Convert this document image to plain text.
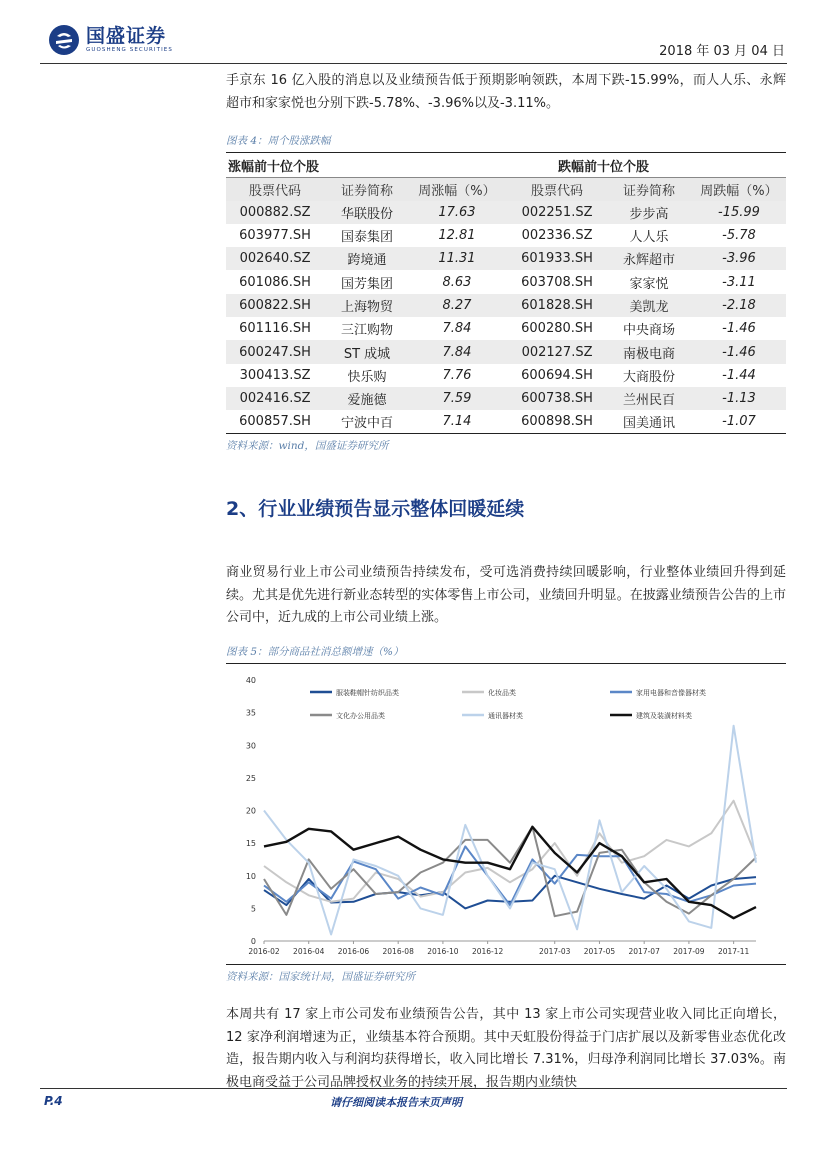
国盛证券
GUOSHENG SECURITIES	2018 年 03 月 04 日
手京东 16 亿入股的消息以及业绩预告低于预期影响领跌，本周下跌-15.99%，而人人乐、永辉超市和家家悦也分别下跌-5.78%、-3.96%以及-3.11%。
图表 4：周个股涨跌幅
涨幅前十位个股				跌幅前十位个股		
股票代码	证券简称	周涨幅（%）		股票代码	证券简称	周跌幅（%）
000882.SZ	华联股份	17.63		002251.SZ	步步高	-15.99
603977.SH	国泰集团	12.81		002336.SZ	人人乐	-5.78
002640.SZ	跨境通	11.31		601933.SH	永辉超市	-3.96
601086.SH	国芳集团	8.63		603708.SH	家家悦	-3.11
600822.SH	上海物贸	8.27		601828.SH	美凯龙	-2.18
601116.SH	三江购物	7.84		600280.SH	中央商场	-1.46
600247.SH	ST 成城	7.84		002127.SZ	南极电商	-1.46
300413.SZ	快乐购	7.76		600694.SH	大商股份	-1.44
002416.SZ	爱施德	7.59		600738.SH	兰州民百	-1.13
600857.SH	宁波中百	7.14		600898.SH	国美通讯	-1.07
资料来源：wind，国盛证券研究所
2、行业业绩预告显示整体回暖延续
商业贸易行业上市公司业绩预告持续发布，受可选消费持续回暖影响，行业整体业绩回升得到延续。尤其是优先进行新业态转型的实体零售上市公司，业绩回升明显。在披露业绩预告公告的上市公司中，近九成的上市公司业绩上涨。
图表 5：部分商品社消总额增速（%）
0
5
10
15
20
25
30
35
40
2016-02 2016-04 2016-06 2016-08 2016-10 2016-12	2017-03 2017-05 2017-07 2017-09 2017-11
服装鞋帽针纺织品类	化妆品类	家用电器和音像器材类
文化办公用品类	通讯器材类	建筑及装潢材料类
资料来源：国家统计局，国盛证券研究所
本周共有 17 家上市公司发布业绩预告公告，其中 13 家上市公司实现营业收入同比正向增长，12 家净利润增速为正，业绩基本符合预期。其中天虹股份得益于门店扩展以及新零售业态优化改造，报告期内收入与利润均获得增长，收入同比增长 7.31%，归母净利润同比增长 37.03%。南极电商受益于公司品牌授权业务的持续开展，报告期内业绩快
P.4	请仔细阅读本报告末页声明
